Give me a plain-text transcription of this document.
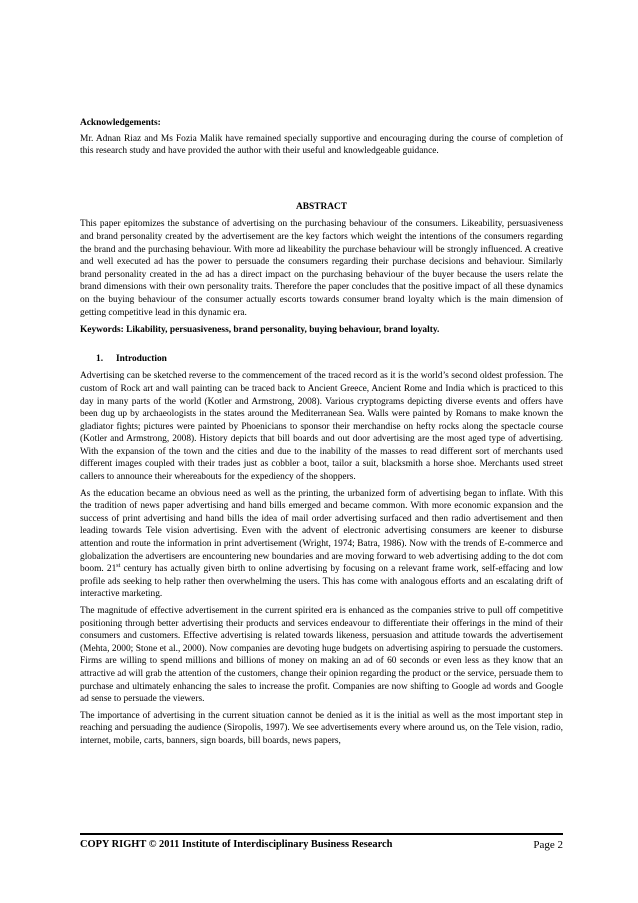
Acknowledgements:

Mr. Adnan Riaz and Ms Fozia Malik have remained specially supportive and encouraging during the course of completion of this research study and have provided the author with their useful and knowledgeable guidance.

ABSTRACT

This paper epitomizes the substance of advertising on the purchasing behaviour of the consumers. Likeability, persuasiveness and brand personality created by the advertisement are the key factors which weight the intentions of the consumers regarding the brand and the purchasing behaviour. With more ad likeability the purchase behaviour will be strongly influenced. A creative and well executed ad has the power to persuade the consumers regarding their purchase decisions and behaviour. Similarly brand personality created in the ad has a direct impact on the purchasing behaviour of the buyer because the users relate the brand dimensions with their own personality traits. Therefore the paper concludes that the positive impact of all these dynamics on the buying behaviour of the consumer actually escorts towards consumer brand loyalty which is the main dimension of getting competitive lead in this dynamic era.

Keywords: Likability, persuasiveness, brand personality, buying behaviour, brand loyalty.
1. Introduction

Advertising can be sketched reverse to the commencement of the traced record as it is the world’s second oldest profession. The custom of Rock art and wall painting can be traced back to Ancient Greece, Ancient Rome and India which is practiced to this day in many parts of the world (Kotler and Armstrong, 2008). Various cryptograms depicting diverse events and offers have been dug up by archaeologists in the states around the Mediterranean Sea. Walls were painted by Romans to make known the gladiator fights; pictures were painted by Phoenicians to sponsor their merchandise on hefty rocks along the spectacle course (Kotler and Armstrong, 2008). History depicts that bill boards and out door advertising are the most aged type of advertising. With the expansion of the town and the cities and due to the inability of the masses to read different sort of merchants used different images coupled with their trades just as cobbler a boot, tailor a suit, blacksmith a horse shoe. Merchants used street callers to announce their whereabouts for the expediency of the shoppers.

As the education became an obvious need as well as the printing, the urbanized form of advertising began to inflate. With this the tradition of news paper advertising and hand bills emerged and became common. With more economic expansion and the success of print advertising and hand bills the idea of mail order advertising surfaced and then radio advertisement and then leading towards Tele vision advertising. Even with the advent of electronic advertising consumers are keener to disburse attention and route the information in print advertisement (Wright, 1974; Batra, 1986). Now with the trends of E-commerce and globalization the advertisers are encountering new boundaries and are moving forward to web advertising adding to the dot com boom. 21st century has actually given birth to online advertising by focusing on a relevant frame work, self-effacing and low profile ads seeking to help rather then overwhelming the users. This has come with analogous efforts and an escalating drift of interactive marketing.

The magnitude of effective advertisement in the current spirited era is enhanced as the companies strive to pull off competitive positioning through better advertising their products and services endeavour to differentiate their offerings in the mind of their consumers and customers. Effective advertising is related towards likeness, persuasion and attitude towards the advertisement (Mehta, 2000; Stone et al., 2000). Now companies are devoting huge budgets on advertising aspiring to persuade the customers. Firms are willing to spend millions and billions of money on making an ad of 60 seconds or even less as they know that an attractive ad will grab the attention of the customers, change their opinion regarding the product or the service, persuade them to purchase and ultimately enhancing the sales to increase the profit. Companies are now shifting to Google ad words and Google ad sense to persuade the viewers.

The importance of advertising in the current situation cannot be denied as it is the initial as well as the most important step in reaching and persuading the audience (Siropolis, 1997). We see advertisements every where around us, on the Tele vision, radio, internet, mobile, carts, banners, sign boards, bill boards, news papers,

COPY RIGHT © 2011 Institute of Interdisciplinary Business Research	Page 2
